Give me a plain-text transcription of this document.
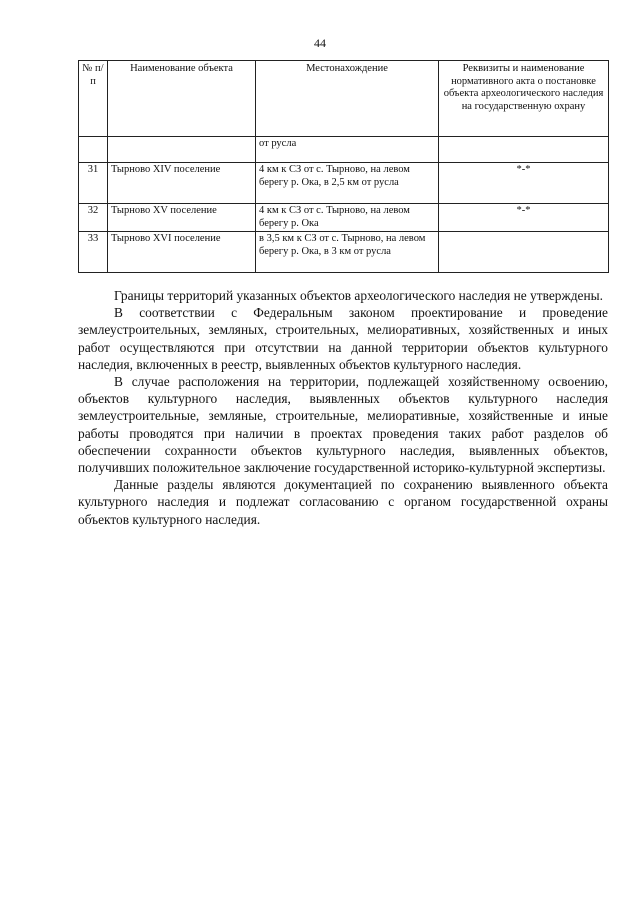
44
№ п/п	Наименование объекта	Местонахождение	Реквизиты и наименование нормативного акта о постановке объекта археологического наследия на государственную охрану
		от русла	
31	Тырново XIV поселение	4 км к СЗ от с. Тырново, на левом берегу р. Ока, в 2,5 км от русла	*-*
32	Тырново XV поселение	4 км к СЗ от с. Тырново, на левом берегу р. Ока	*-*
33	Тырново XVI поселение	в 3,5 км к СЗ от с. Тырново, на левом берегу р. Ока, в 3 км от русла	

Границы территорий указанных объектов археологического наследия не утверждены.

В соответствии с Федеральным законом проектирование и проведение землеустроительных, земляных, строительных, мелиоративных, хозяйственных и иных работ осуществляются при отсутствии на данной территории объектов культурного наследия, включенных в реестр, выявленных объектов культурного наследия.

В случае расположения на территории, подлежащей хозяйственному освоению, объектов культурного наследия, выявленных объектов культурного наследия землеустроительные, земляные, строительные, мелиоративные, хозяйственные и иные работы проводятся при наличии в проектах проведения таких работ разделов об обеспечении сохранности объектов культурного наследия, выявленных объектов, получивших положительное заключение государственной историко-культурной экспертизы.

Данные разделы являются документацией по сохранению выявленного объекта культурного наследия и подлежат согласованию с органом государственной охраны объектов культурного наследия.
